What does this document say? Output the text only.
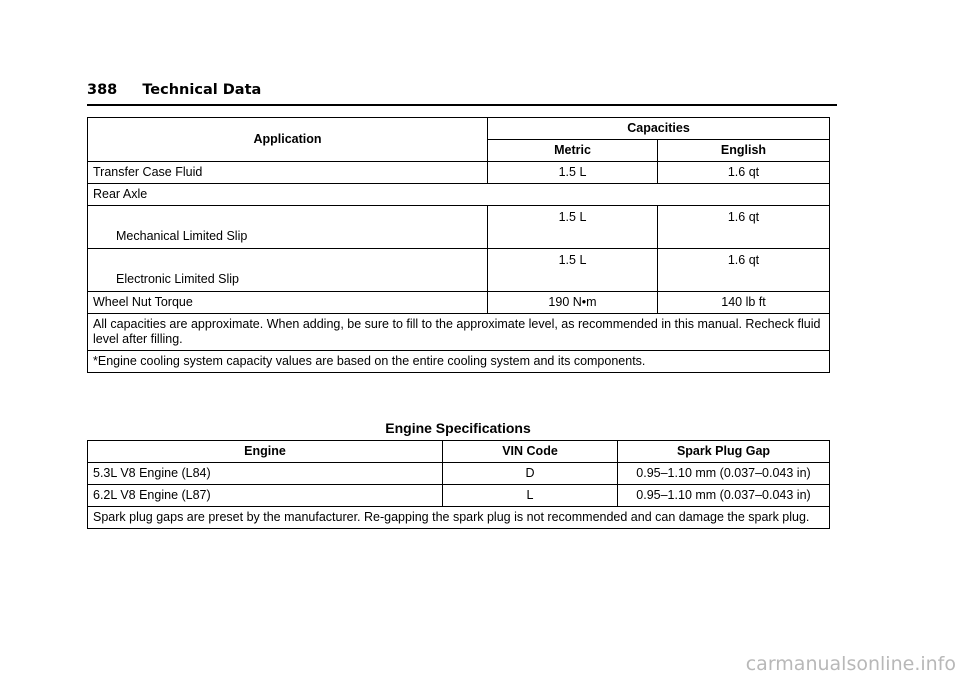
388 Technical Data
Application	Capacities	
	Metric	English
Transfer Case Fluid	1.5 L	1.6 qt
Rear Axle		
Mechanical Limited Slip	1.5 L	1.6 qt
Electronic Limited Slip	1.5 L	1.6 qt
Wheel Nut Torque	190 N•m	140 lb ft
All capacities are approximate. When adding, be sure to fill to the approximate level, as recommended in this manual. Recheck fluid level after filling.		
*Engine cooling system capacity values are based on the entire cooling system and its components.		
Engine Specifications
Engine	VIN Code	Spark Plug Gap
5.3L V8 Engine (L84)	D	0.95–1.10 mm (0.037–0.043 in)
6.2L V8 Engine (L87)	L	0.95–1.10 mm (0.037–0.043 in)
Spark plug gaps are preset by the manufacturer. Re-gapping the spark plug is not recommended and can damage the spark plug.		
carmanualsonline.info
